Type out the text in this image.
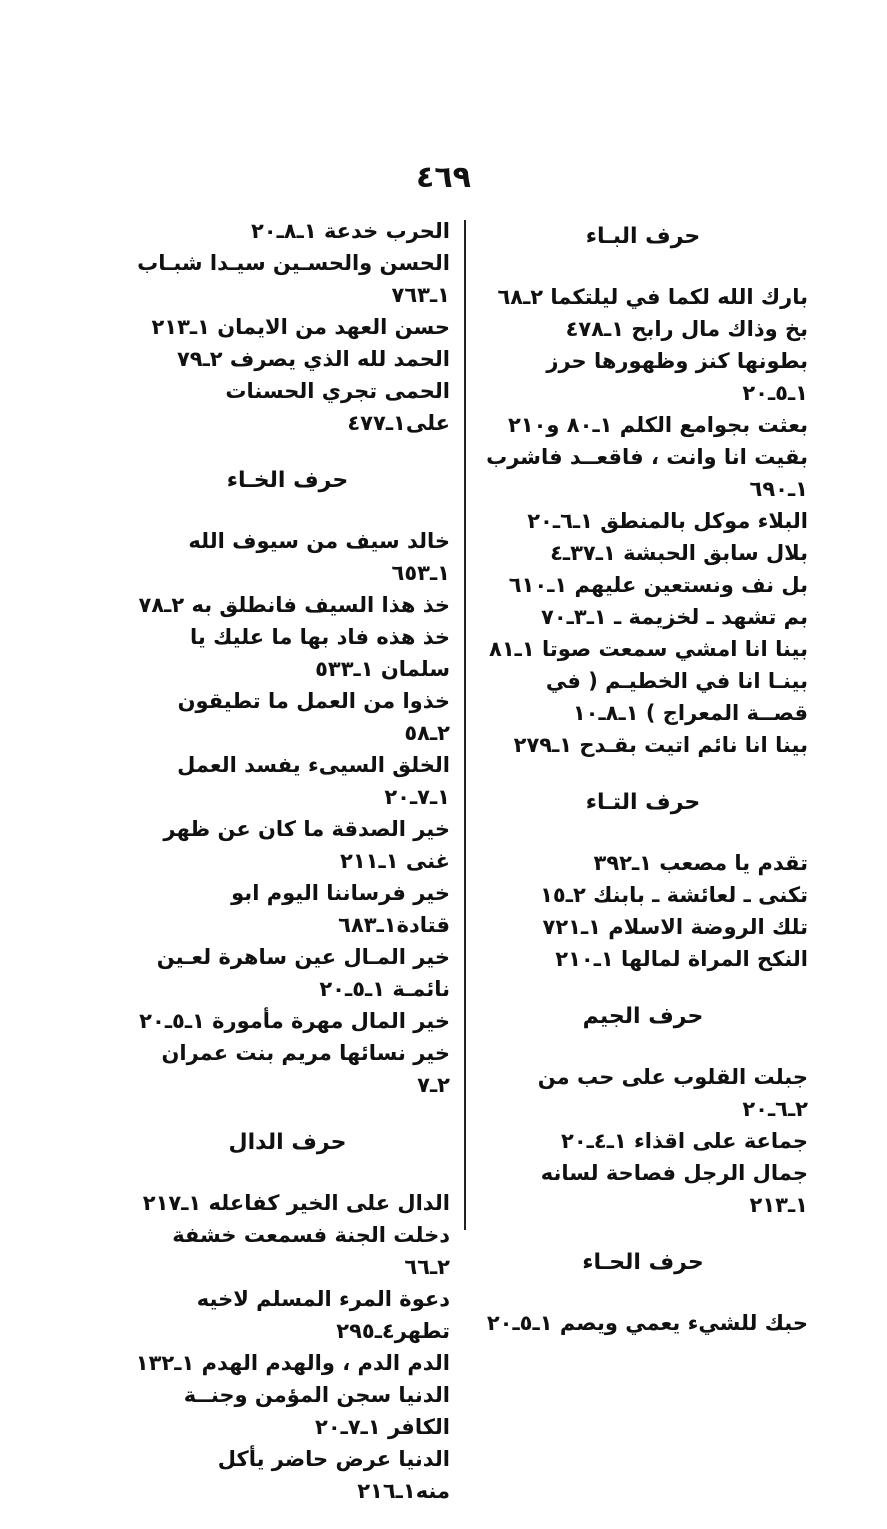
٤٦٩
حرف البـاء
بارك الله لكما في ليلتكما ٢ـ٦٨
بخ وذاك مال رابح ١ـ٤٧٨
بطونها كنز وظهورها حرز ١ـ٥ـ٢٠
بعثت بجوامع الكلم ١ـ٨٠ و٢١٠
بقيت انا وانت ، فاقعــد فاشرب ١ـ٦٩٠
البلاء موكل بالمنطق ١ـ٦ـ٢٠
بلال سابق الحبشة ١ـ٣٧ـ٤
بل نف ونستعين عليهم ١ـ٦١٠
بم تشهد ـ لخزيمة ـ ١ـ٣ـ٧٠
بينا انا امشي سمعت صوتا ١ـ٨١
بينـا انا في الخطيـم ( في قصــة المعراج ) ١ـ٨ـ١٠
بينا انا نائم اتيت بقـدح ١ـ٢٧٩
حرف التـاء
تقدم يا مصعب ١ـ٣٩٢
تكنى ـ لعائشة ـ بابنك ٢ـ١٥
تلك الروضة الاسلام ١ـ٧٢١
النكح المراة لمالها ١ـ٢١٠
حرف الجيم
جبلت القلوب على حب من ٢ـ٦ـ٢٠
جماعة على اقذاء ١ـ٤ـ٢٠
جمال الرجل فصاحة لسانه ١ـ٢١٣
حرف الحـاء
حبك للشيء يعمي ويصم ١ـ٥ـ٢٠
الحرب خدعة ١ـ٨ـ٢٠
الحسن والحسـين سيـدا شبـاب ١ـ٧٦٣
حسن العهد من الايمان ١ـ٢١٣
الحمد لله الذي يصرف ٢ـ٧٩
الحمى تجري الحسنات على١ـ٤٧٧
حرف الخـاء
خالد سيف من سيوف الله ١ـ٦٥٣
خذ هذا السيف فانطلق به ٢ـ٧٨
خذ هذه فاد بها ما عليك يا سلمان ١ـ٥٣٣
خذوا من العمل ما تطيقون ٢ـ٥٨
الخلق السيىء يفسد العمل ١ـ٧ـ٢٠
خير الصدقة ما كان عن ظهر غنى ١ـ٢١١
خير فرساننا اليوم ابو قتادة١ـ٦٨٣
خير المـال عين ساهرة لعـين نائمـة ١ـ٥ـ٢٠
خير المال مهرة مأمورة ١ـ٥ـ٢٠
خير نسائها مريم بنت عمران ٢ـ٧
حرف الدال
الدال على الخير كفاعله ١ـ٢١٧
دخلت الجنة فسمعت خشفة ٢ـ٦٦
دعوة المرء المسلم لاخيه تطهر٤ـ٢٩٥
الدم الدم ، والهدم الهدم ١ـ١٣٢
الدنيا سجن المؤمن وجنــة الكافر ١ـ٧ـ٢٠
الدنيا عرض حاضر يأكل منه١ـ٢١٦
